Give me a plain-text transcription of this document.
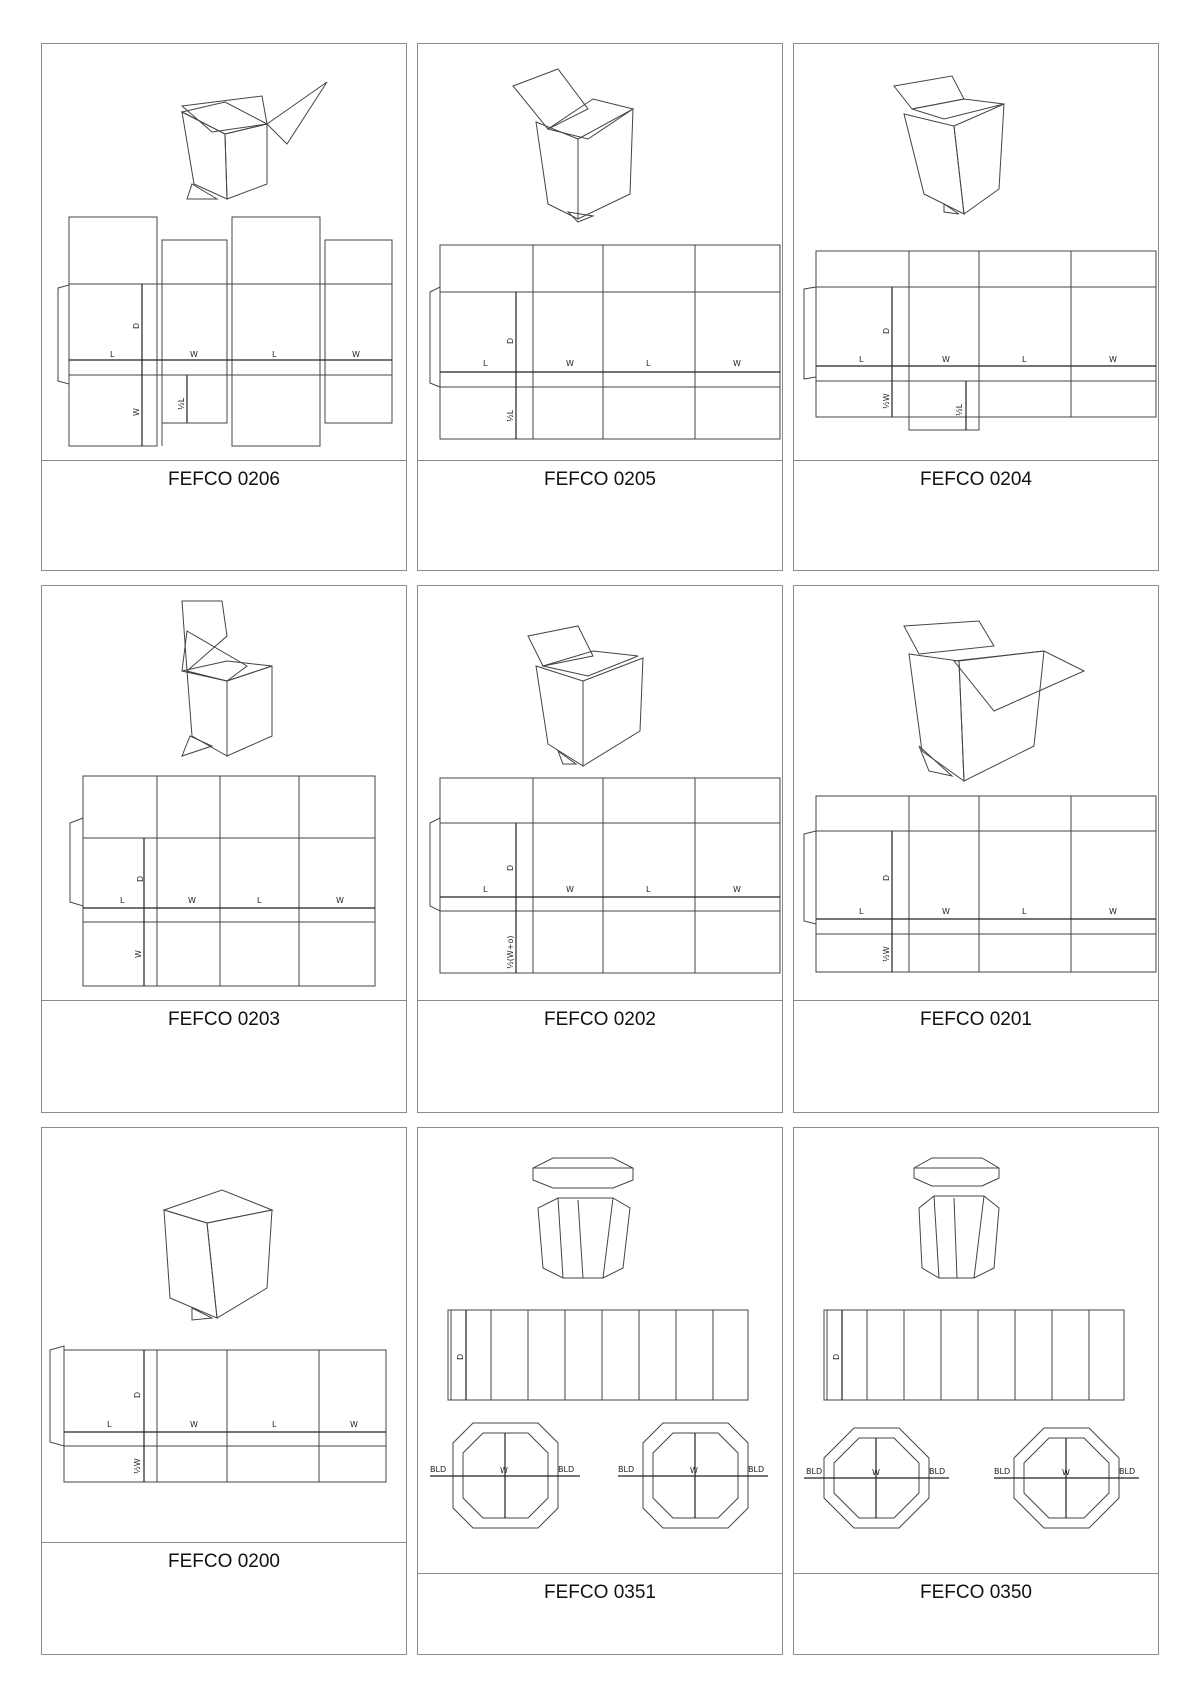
D
L	W	L	W
W
½L
FEFCO 0206
D
L	W	L	W
½L
FEFCO 0205
D
L	W	L	W
½W
½L
FEFCO 0204
D
L	W	L	W
W
FEFCO 0203
D
L	W	L	W
½(W+o)
FEFCO 0202
D
L	W	L	W
½W
FEFCO 0201
D
L	W	L	W
½W
FEFCO 0200
D
BLD	W	BLD	BLD	W	BLD
FEFCO 0351
D
BLD	W	BLD	BLD	W	BLD
FEFCO 0350
